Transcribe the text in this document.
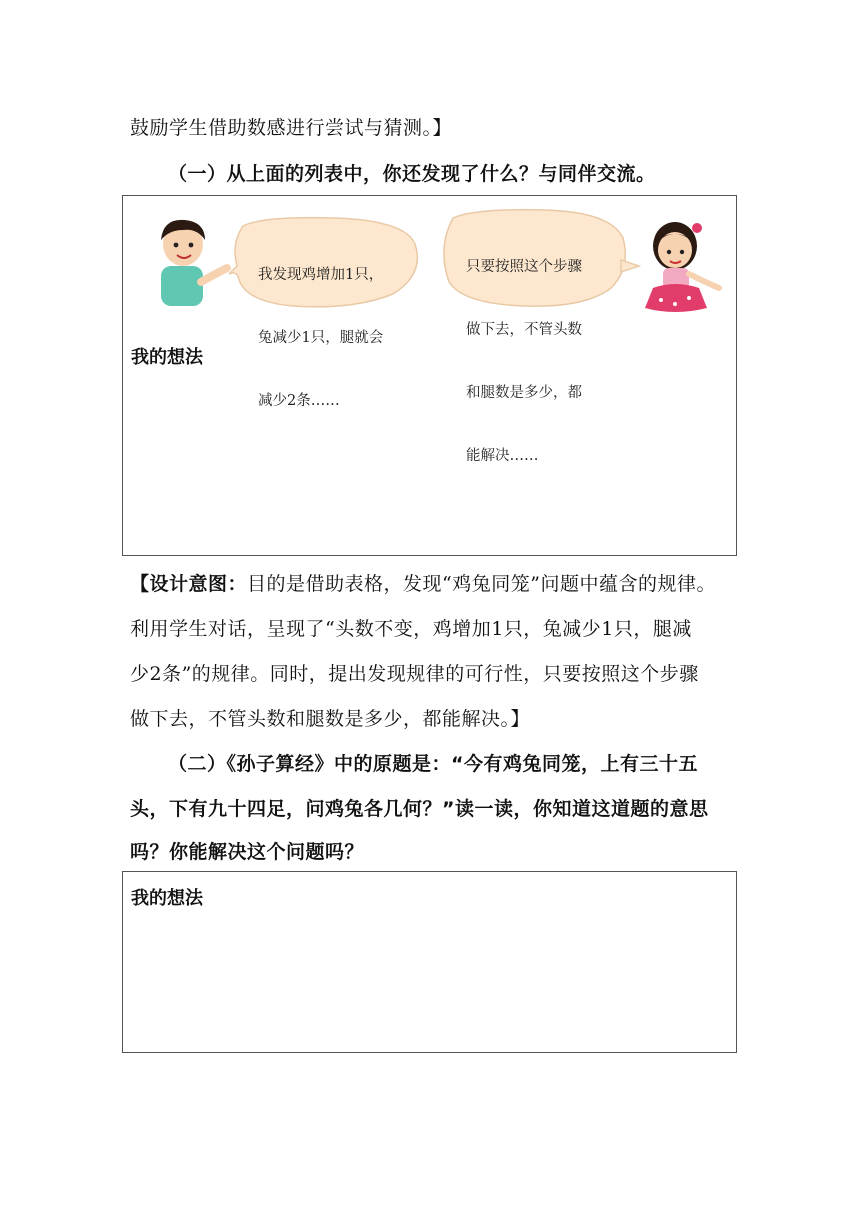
鼓励学生借助数感进行尝试与猜测。】

（一）从上面的列表中，你还发现了什么？与同伴交流。

我发现鸡增加1只，

兔减少1只，腿就会

减少2条……

只要按照这个步骤

做下去，不管头数

和腿数是多少，都

能解决……

我的想法

【设计意图：目的是借助表格，发现“鸡兔同笼”问题中蕴含的规律。

利用学生对话，呈现了“头数不变，鸡增加1只，兔减少1只，腿减

少2条”的规律。同时，提出发现规律的可行性，只要按照这个步骤

做下去，不管头数和腿数是多少，都能解决。】

（二）《孙子算经》中的原题是：“今有鸡兔同笼，上有三十五

头，下有九十四足，问鸡兔各几何？”读一读，你知道这道题的意思

吗？你能解决这个问题吗？

我的想法
